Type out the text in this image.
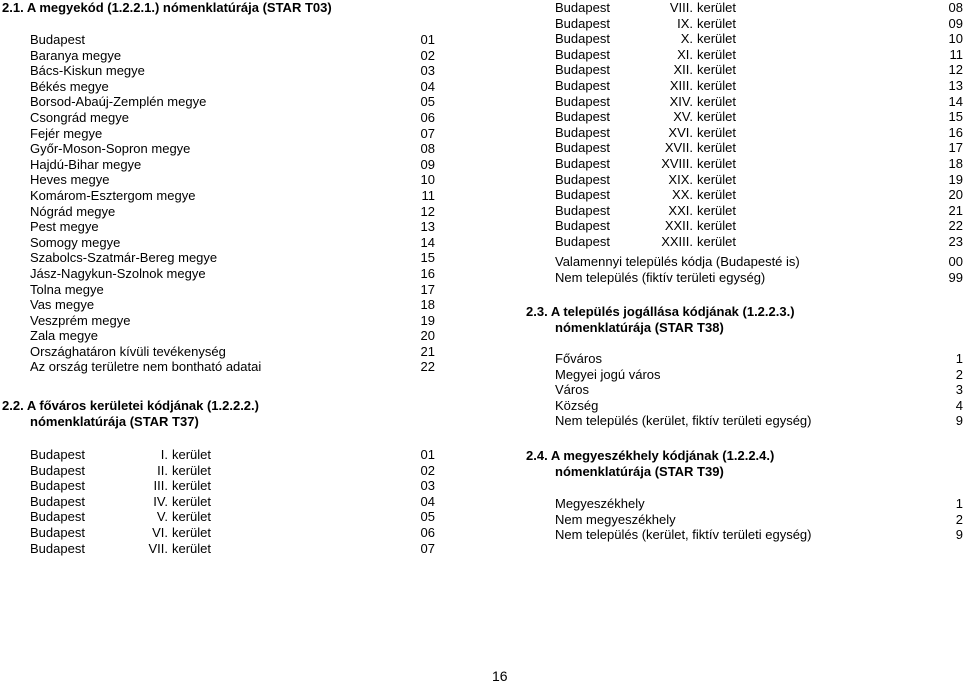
2.1. A megyekód (1.2.2.1.) nómenklatúrája (STAR T03)
Budapest	01
Baranya megye	02
Bács-Kiskun megye	03
Békés megye	04
Borsod-Abaúj-Zemplén megye	05
Csongrád megye	06
Fejér megye	07
Győr-Moson-Sopron megye	08
Hajdú-Bihar megye	09
Heves megye	10
Komárom-Esztergom megye	11
Nógrád megye	12
Pest megye	13
Somogy megye	14
Szabolcs-Szatmár-Bereg megye	15
Jász-Nagykun-Szolnok megye	16
Tolna megye	17
Vas megye	18
Veszprém megye	19
Zala megye	20
Országhatáron kívüli tevékenység	21
Az ország területre nem bontható adatai	22
2.2. A főváros kerületei kódjának (1.2.2.2.)
nómenklatúrája (STAR T37)
Budapest	I. kerület	01
Budapest	II. kerület	02
Budapest	III. kerület	03
Budapest	IV. kerület	04
Budapest	V. kerület	05
Budapest	VI. kerület	06
Budapest	VII. kerület	07
Budapest	VIII. kerület	08
Budapest	IX. kerület	09
Budapest	X. kerület	10
Budapest	XI. kerület	11
Budapest	XII. kerület	12
Budapest	XIII. kerület	13
Budapest	XIV. kerület	14
Budapest	XV. kerület	15
Budapest	XVI. kerület	16
Budapest	XVII. kerület	17
Budapest	XVIII. kerület	18
Budapest	XIX. kerület	19
Budapest	XX. kerület	20
Budapest	XXI. kerület	21
Budapest	XXII. kerület	22
Budapest	XXIII. kerület	23
Valamennyi település kódja (Budapesté is)	00
Nem település (fiktív területi egység)	99
2.3. A település jogállása kódjának (1.2.2.3.)
nómenklatúrája (STAR T38)
Főváros	1
Megyei jogú város	2
Város	3
Község	4
Nem település (kerület, fiktív területi egység)	9
2.4. A megyeszékhely kódjának (1.2.2.4.)
nómenklatúrája (STAR T39)
Megyeszékhely	1
Nem megyeszékhely	2
Nem település (kerület, fiktív területi egység)	9
16
